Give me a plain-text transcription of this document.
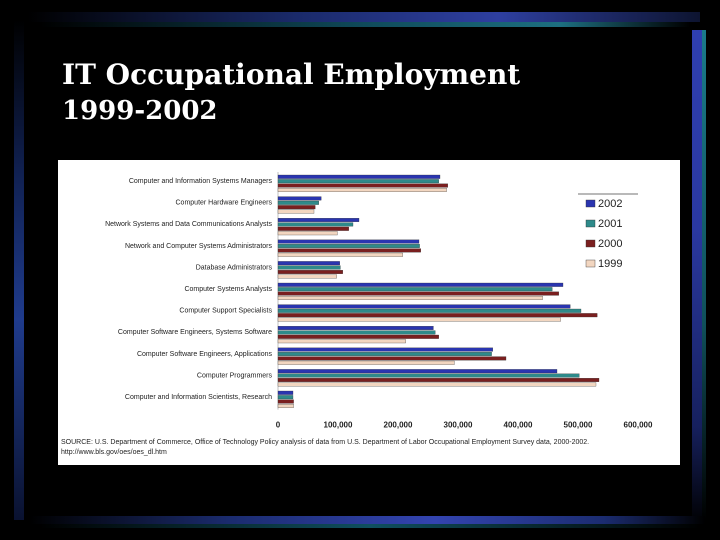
IT Occupational Employment
1999-2002
Computer and Information Systems Managers
Computer Hardware Engineers
Network Systems and Data Communications Analysts
Network and Computer Systems Administrators
Database Administrators
Computer Systems Analysts
Computer Support Specialists
Computer Software Engineers, Systems Software
Computer Software Engineers, Applications
Computer Programmers
Computer and Information Scientists, Research
0	100,000	200,000	300,000	400,000	500,000	600,000
2002
2001
2000
1999
SOURCE: U.S. Department of Commerce, Office of Technology Policy analysis of data from U.S. Department of Labor Occupational Employment Survey data, 2000-2002. http://www.bls.gov/oes/oes_dl.htm
